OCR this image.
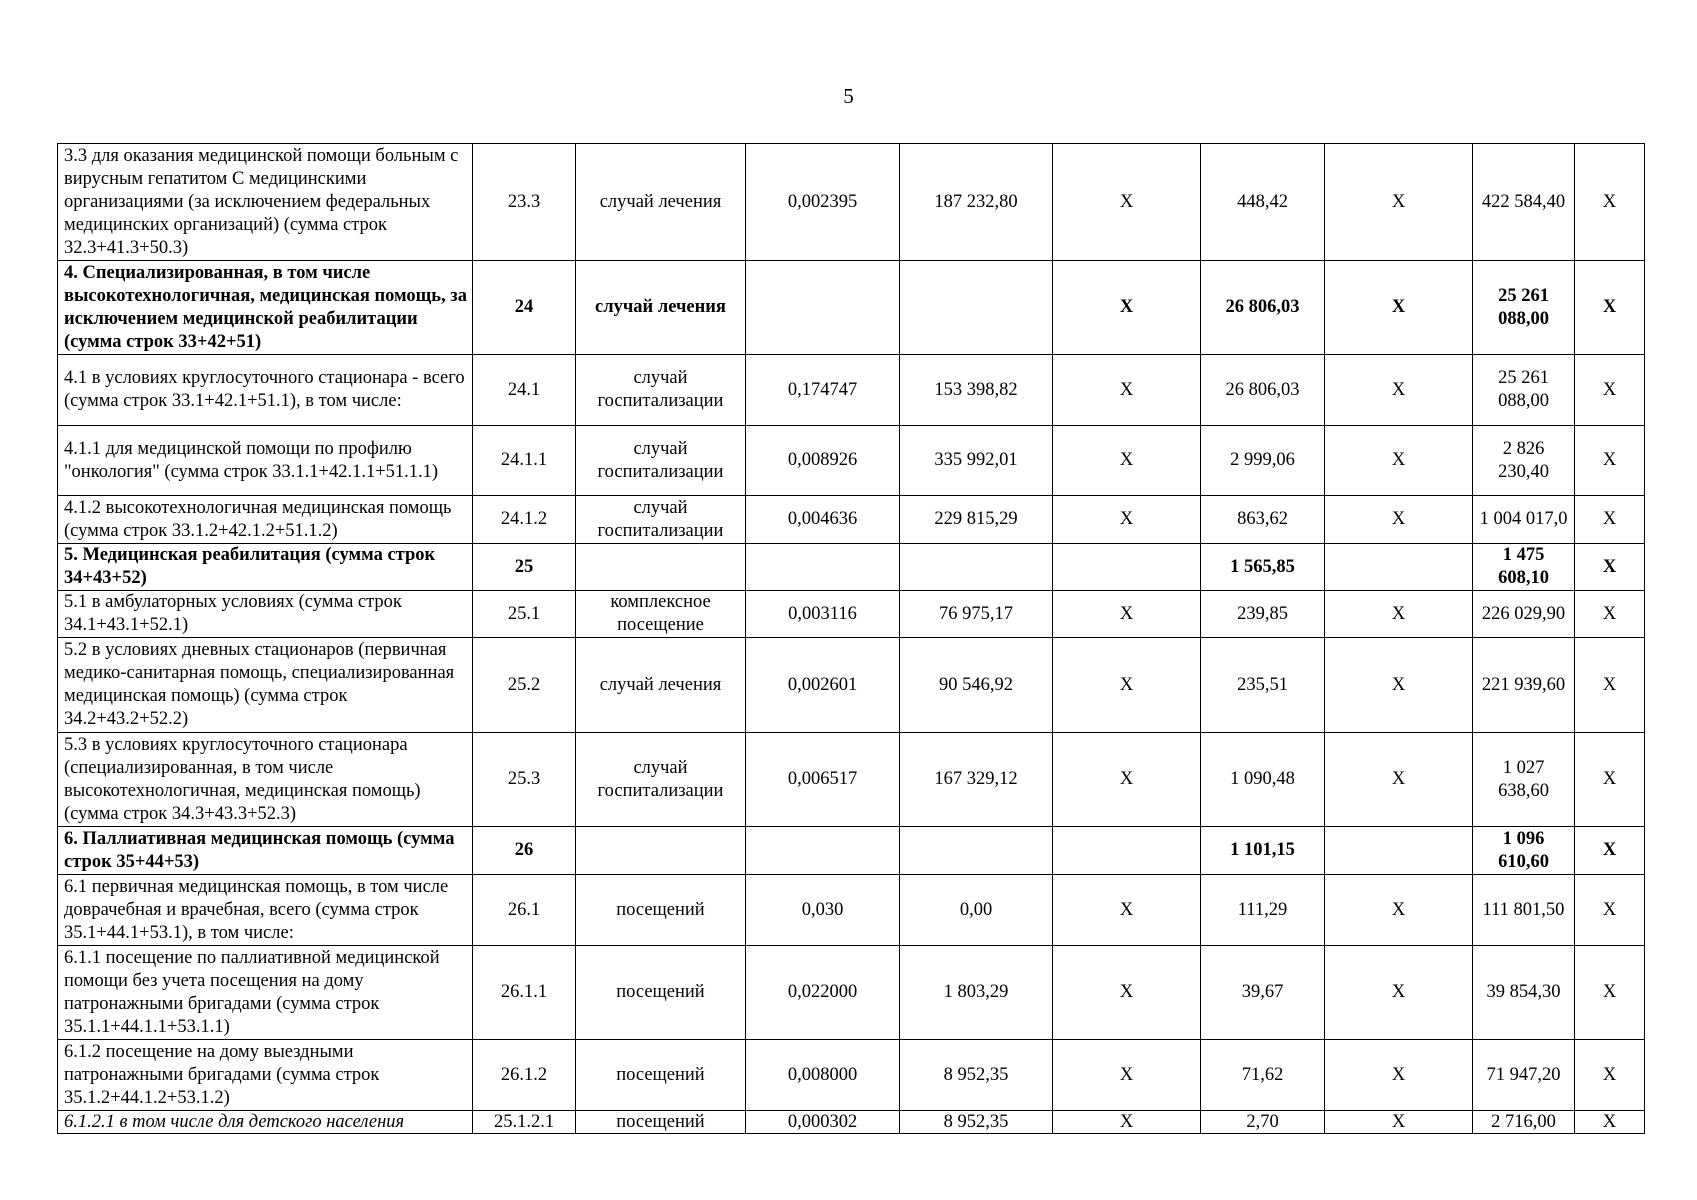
5
3.3 для оказания медицинской помощи больным с вирусным гепатитом С медицинскими организациями (за исключением федеральных медицинских организаций) (сумма строк 32.3+41.3+50.3)	23.3	случай лечения	0,002395	187 232,80	X	448,42	X	422 584,40	X
4. Специализированная, в том числе высокотехнологичная, медицинская помощь, за исключением медицинской реабилитации (сумма строк 33+42+51)	24	случай лечения			X	26 806,03	X	25 261 088,00	X
4.1 в условиях круглосуточного стационара - всего (сумма строк 33.1+42.1+51.1), в том числе:	24.1	случай госпитализации	0,174747	153 398,82	X	26 806,03	X	25 261 088,00	X
4.1.1 для медицинской помощи по профилю "онкология" (сумма строк 33.1.1+42.1.1+51.1.1)	24.1.1	случай госпитализации	0,008926	335 992,01	X	2 999,06	X	2 826 230,40	X
4.1.2 высокотехнологичная медицинская помощь (сумма строк 33.1.2+42.1.2+51.1.2)	24.1.2	случай госпитализации	0,004636	229 815,29	X	863,62	X	1 004 017,0	X
5. Медицинская реабилитация (сумма строк 34+43+52)	25					1 565,85		1 475 608,10	X
5.1 в амбулаторных условиях (сумма строк 34.1+43.1+52.1)	25.1	комплексное посещение	0,003116	76 975,17	X	239,85	X	226 029,90	X
5.2 в условиях дневных стационаров (первичная медико-санитарная помощь, специализированная медицинская помощь) (сумма строк 34.2+43.2+52.2)	25.2	случай лечения	0,002601	90 546,92	X	235,51	X	221 939,60	X
5.3 в условиях круглосуточного стационара (специализированная, в том числе высокотехнологичная, медицинская помощь) (сумма строк 34.3+43.3+52.3)	25.3	случай госпитализации	0,006517	167 329,12	X	1 090,48	X	1 027 638,60	X
6. Паллиативная медицинская помощь (сумма строк 35+44+53)	26					1 101,15		1 096 610,60	X
6.1 первичная медицинская помощь, в том числе доврачебная и врачебная, всего (сумма строк 35.1+44.1+53.1), в том числе:	26.1	посещений	0,030	0,00	X	111,29	X	111 801,50	X
6.1.1 посещение по паллиативной медицинской помощи без учета посещения на дому патронажными бригадами (сумма строк 35.1.1+44.1.1+53.1.1)	26.1.1	посещений	0,022000	1 803,29	X	39,67	X	39 854,30	X
6.1.2 посещение на дому выездными патронажными бригадами (сумма строк 35.1.2+44.1.2+53.1.2)	26.1.2	посещений	0,008000	8 952,35	X	71,62	X	71 947,20	X
6.1.2.1 в том числе для детского населения	25.1.2.1	посещений	0,000302	8 952,35	X	2,70	X	2 716,00	X
